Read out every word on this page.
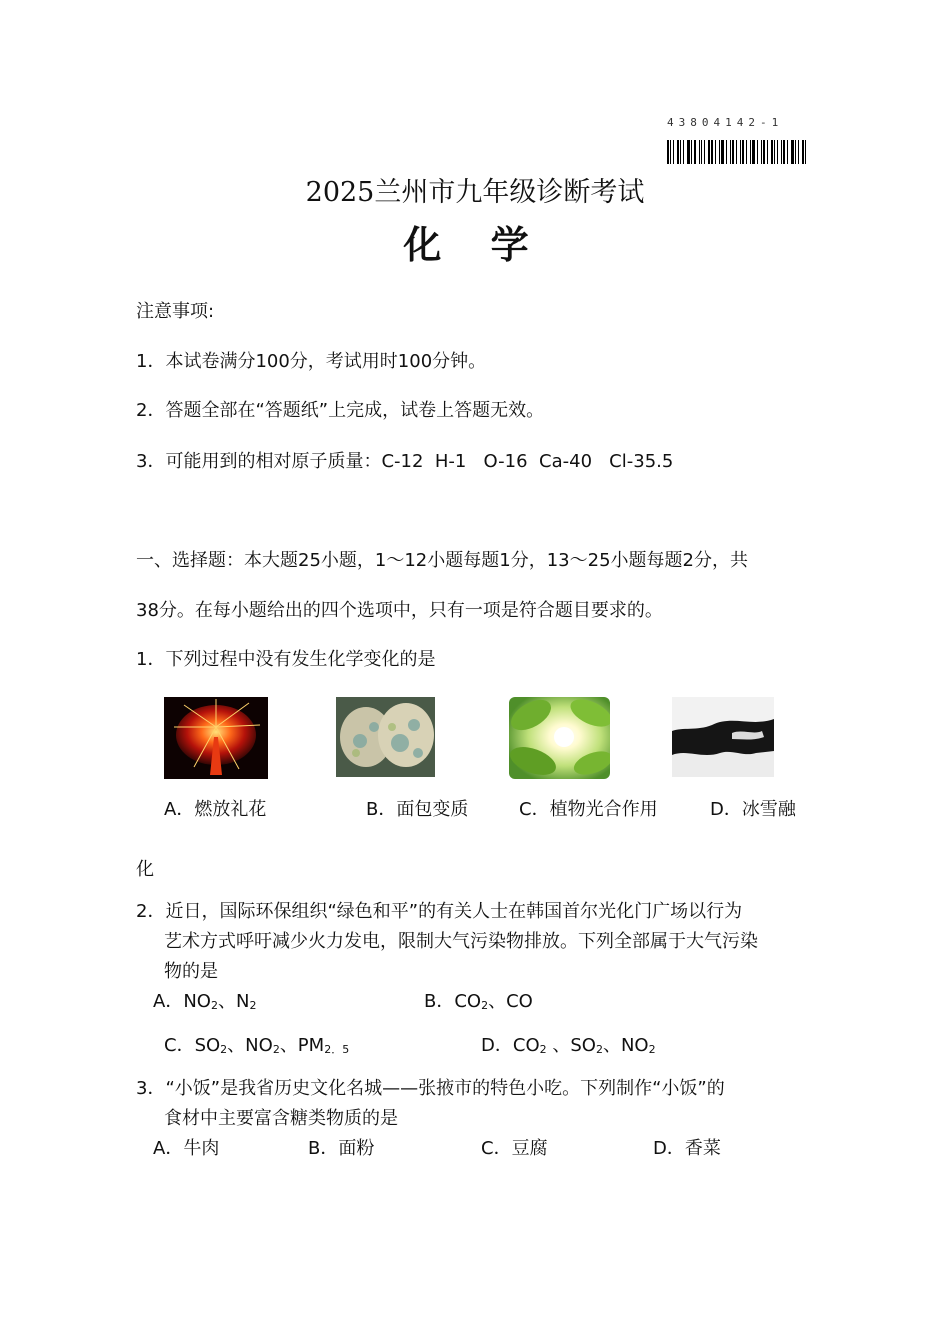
43804142-1
2025兰州市九年级诊断考试
化 学
注意事项:
1．本试卷满分100分，考试用时100分钟。
2．答题全部在“答题纸”上完成，试卷上答题无效。
3．可能用到的相对原子质量：C-12  H-1   O-16  Ca-40   Cl-35.5
一、选择题：本大题25小题，1～12小题每题1分，13～25小题每题2分，共
38分。在每小题给出的四个选项中，只有一项是符合题目要求的。
1．下列过程中没有发生化学变化的是
A．燃放礼花	B．面包变质	C．植物光合作用	D．冰雪融
化
2．近日，国际环保组织“绿色和平”的有关人士在韩国首尔光化门广场以行为
艺术方式呼吁减少火力发电，限制大气污染物排放。下列全部属于大气污染
物的是
A．$NO_2$、$N_2$	B．$CO_2$、CO
C．$SO_2$、$NO_2$、$PM_{2.5}$	D．$CO_2$ 、$SO_2$、$NO_2$
3．“小饭”是我省历史文化名城——张掖市的特色小吃。下列制作“小饭”的
食材中主要富含糖类物质的是
A．牛肉	B．面粉	C．豆腐	D．香菜
